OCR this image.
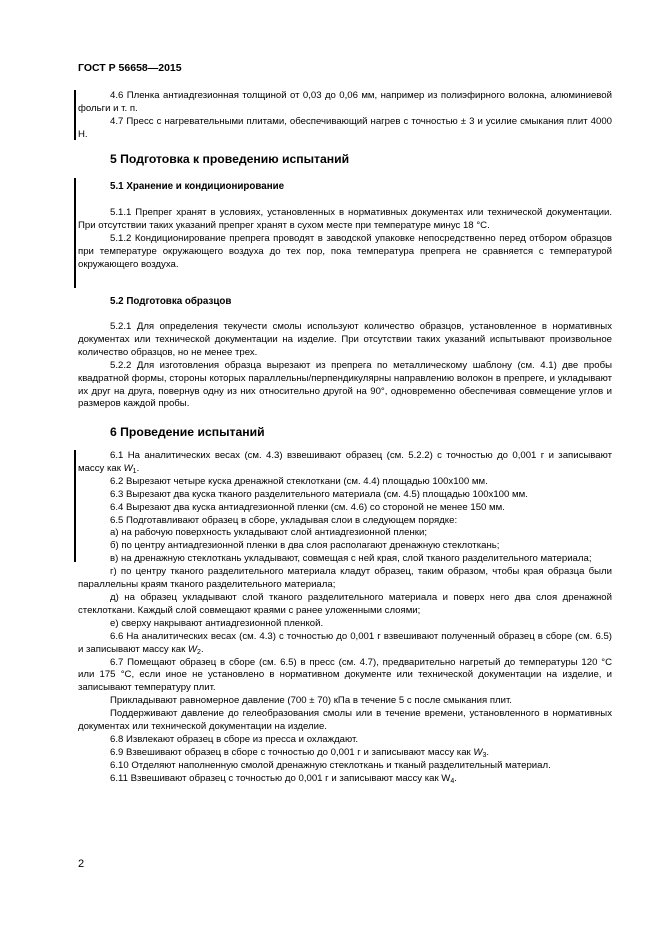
ГОСТ Р 56658—2015

4.6 Пленка антиадгезионная толщиной от 0,03 до 0,06 мм, например из полиэфирного волокна, алюминиевой фольги и т. п.

4.7 Пресс с нагревательными плитами, обеспечивающий нагрев с точностью ± 3 и усилие смыкания плит 4000 Н.

5 Подготовка к проведению испытаний
5.1 Хранение и кондиционирование

5.1.1 Препрег хранят в условиях, установленных в нормативных документах или технической документации. При отсутствии таких указаний препрег хранят в сухом месте при температуре минус 18 °С.

5.1.2 Кондиционирование препрега проводят в заводской упаковке непосредственно перед отбором образцов при температуре окружающего воздуха до тех пор, пока температура препрега не сравняется с температурой окружающего воздуха.

5.2 Подготовка образцов

5.2.1 Для определения текучести смолы используют количество образцов, установленное в нормативных документах или технической документации на изделие. При отсутствии таких указаний испытывают произвольное количество образцов, но не менее трех.

5.2.2 Для изготовления образца вырезают из препрега по металлическому шаблону (см. 4.1) две пробы квадратной формы, стороны которых параллельны/перпендикулярны направлению волокон в препреге, и укладывают их друг на друга, повернув одну из них относительно другой на 90°, одновременно обеспечивая совмещение углов и размеров каждой пробы.

6 Проведение испытаний

6.1 На аналитических весах (см. 4.3) взвешивают образец (см. 5.2.2) с точностью до 0,001 г и записывают массу как $W_1$.

6.2 Вырезают четыре куска дренажной стеклоткани (см. 4.4) площадью 100x100 мм.

6.3 Вырезают два куска тканого разделительного материала (см. 4.5) площадью 100x100 мм.

6.4 Вырезают два куска антиадгезионной пленки (см. 4.6) со стороной не менее 150 мм.

6.5 Подготавливают образец в сборе, укладывая слои в следующем порядке:

а) на рабочую поверхность укладывают слой антиадгезионной пленки;

б) по центру антиадгезионной пленки в два слоя располагают дренажную стеклоткань;

в) на дренажную стеклоткань укладывают, совмещая с ней края, слой тканого разделительного материала;

г) по центру тканого разделительного материала кладут образец, таким образом, чтобы края образца были параллельны краям тканого разделительного материала;

д) на образец укладывают слой тканого разделительного материала и поверх него два слоя дренажной стеклоткани. Каждый слой совмещают краями с ранее уложенными слоями;

е) сверху накрывают антиадгезионной пленкой.

6.6 На аналитических весах (см. 4.3) с точностью до 0,001 г взвешивают полученный образец в сборе (см. 6.5) и записывают массу как $W_2$.

6.7 Помещают образец в сборе (см. 6.5) в пресс (см. 4.7), предварительно нагретый до температуры 120 °С или 175 °С, если иное не установлено в нормативном документе или технической документации на изделие, и записывают температуру плит.

Прикладывают равномерное давление (700 ± 70) кПа в течение 5 с после смыкания плит.

Поддерживают давление до гелеобразования смолы или в течение времени, установленного в нормативных документах или технической документации на изделие.

6.8 Извлекают образец в сборе из пресса и охлаждают.

6.9 Взвешивают образец в сборе с точностью до 0,001 г и записывают массу как $W_3$.

6.10 Отделяют наполненную смолой дренажную стеклоткань и тканый разделительный материал.

6.11 Взвешивают образец с точностью до 0,001 г и записывают массу как $W_4$.

2
